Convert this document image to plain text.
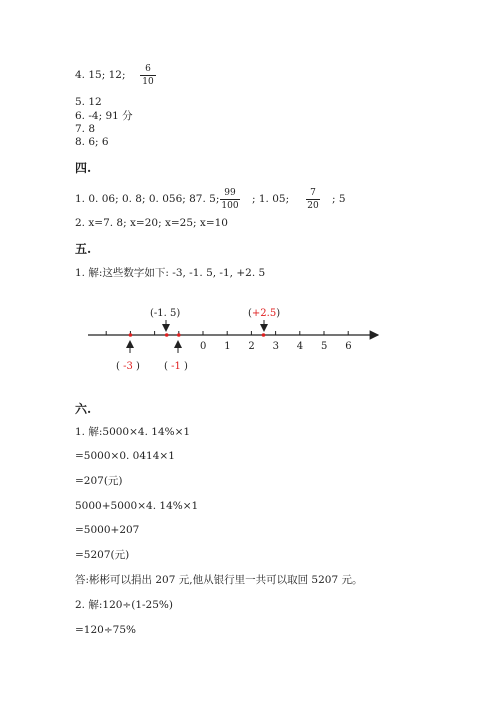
4. 15; 12;	6
10
5. 12
6. -4; 91 分
7. 8
8. 6; 6
四.
1. 0. 06; 0. 8; 0. 056; 87. 5; 99
100
; 1. 05;	7
20
; 5
2. x=7. 8; x=20; x=25; x=10
五.
1. 解:这些数字如下: -3, -1. 5, -1, +2. 5
0 1 2 3 4 5 6
(-1. 5)	(+2.5)
( -3 ) ( -1 )
六.
1. 解:5000×4. 14%×1
=5000×0. 0414×1
=207(元)
5000+5000×4. 14%×1
=5000+207
=5207(元)
答:彬彬可以捐出 207 元,他从银行里一共可以取回 5207 元。
2. 解:120÷(1-25%)
=120÷75%
